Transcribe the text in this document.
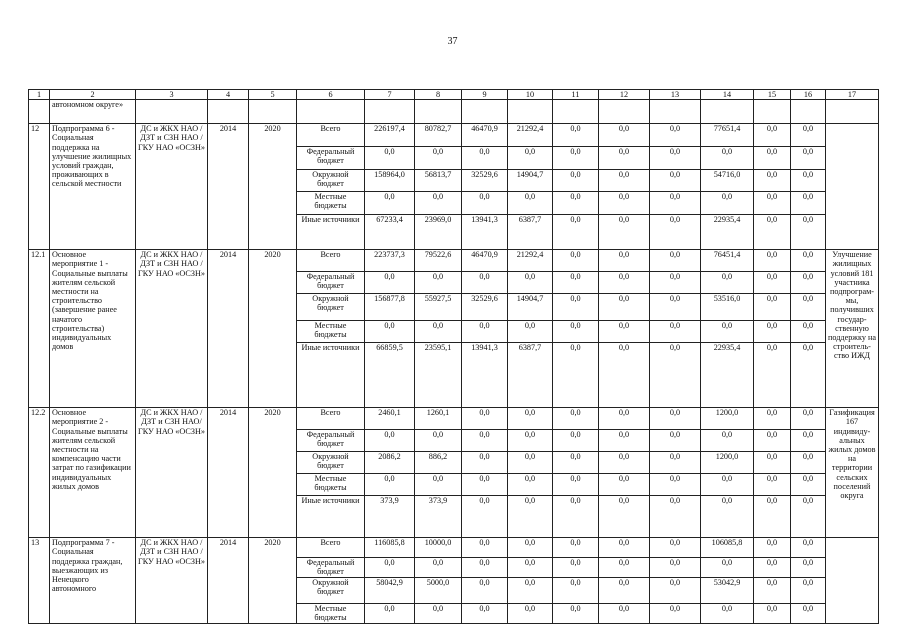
37
1	2	3	4	5	6	7	8	9	10	11	12	13	14	15	16	17
	автономном округе»															
12	Подпрограмма 6 - Социальная поддержка на улучшение жилищных условий граждан, проживающих в сельской местности	ДС и ЖКХ НАО / ДЗТ и СЗН НАО / ГКУ НАО «ОСЗН»	2014	2020	Всего	226197,4	80782,7	46470,9	21292,4	0,0	0,0	0,0	77651,4	0,0	0,0	
					Федеральный бюджет	0,0	0,0	0,0	0,0	0,0	0,0	0,0	0,0	0,0	0,0	
					Окружной бюджет	158964,0	56813,7	32529,6	14904,7	0,0	0,0	0,0	54716,0	0,0	0,0	
					Местные бюджеты	0,0	0,0	0,0	0,0	0,0	0,0	0,0	0,0	0,0	0,0	
					Иные источники	67233,4	23969,0	13941,3	6387,7	0,0	0,0	0,0	22935,4	0,0	0,0	
12.1	Основное мероприятие 1 - Социальные выплаты жителям сельской местности на строительство (завершение ранее начатого строительства) индивидуальных домов	ДС и ЖКХ НАО / ДЗТ и СЗН НАО / ГКУ НАО «ОСЗН»	2014	2020	Всего	223737,3	79522,6	46470,9	21292,4	0,0	0,0	0,0	76451,4	0,0	0,0	Улучшение жилищных условий 181 участника подпрограм-мы, получивших государ-ственную поддержку на строитель-ство ИЖД
					Федеральный бюджет	0,0	0,0	0,0	0,0	0,0	0,0	0,0	0,0	0,0	0,0	
					Окружной бюджет	156877,8	55927,5	32529,6	14904,7	0,0	0,0	0,0	53516,0	0,0	0,0	
					Местные бюджеты	0,0	0,0	0,0	0,0	0,0	0,0	0,0	0,0	0,0	0,0	
					Иные источники	66859,5	23595,1	13941,3	6387,7	0,0	0,0	0,0	22935,4	0,0	0,0	
12.2	Основное мероприятие 2 - Социальные выплаты жителям сельской местности на компенсацию части затрат по газификации индивидуальных жилых домов	ДС и ЖКХ НАО / ДЗТ и СЗН НАО/ ГКУ НАО «ОСЗН»	2014	2020	Всего	2460,1	1260,1	0,0	0,0	0,0	0,0	0,0	1200,0	0,0	0,0	Газификация 167 индивиду-альных жилых домов на территории сельских поселений округа
					Федеральный бюджет	0,0	0,0	0,0	0,0	0,0	0,0	0,0	0,0	0,0	0,0	
					Окружной бюджет	2086,2	886,2	0,0	0,0	0,0	0,0	0,0	1200,0	0,0	0,0	
					Местные бюджеты	0,0	0,0	0,0	0,0	0,0	0,0	0,0	0,0	0,0	0,0	
					Иные источники	373,9	373,9	0,0	0,0	0,0	0,0	0,0	0,0	0,0	0,0	
13	Подпрограмма 7 - Социальная поддержка граждан, выезжающих из Ненецкого автономного	ДС и ЖКХ НАО / ДЗТ и СЗН НАО / ГКУ НАО «ОСЗН»	2014	2020	Всего	116085,8	10000,0	0,0	0,0	0,0	0,0	0,0	106085,8	0,0	0,0	
					Федеральный бюджет	0,0	0,0	0,0	0,0	0,0	0,0	0,0	0,0	0,0	0,0	
					Окружной бюджет	58042,9	5000,0	0,0	0,0	0,0	0,0	0,0	53042,9	0,0	0,0	
					Местные бюджеты	0,0	0,0	0,0	0,0	0,0	0,0	0,0	0,0	0,0	0,0	
